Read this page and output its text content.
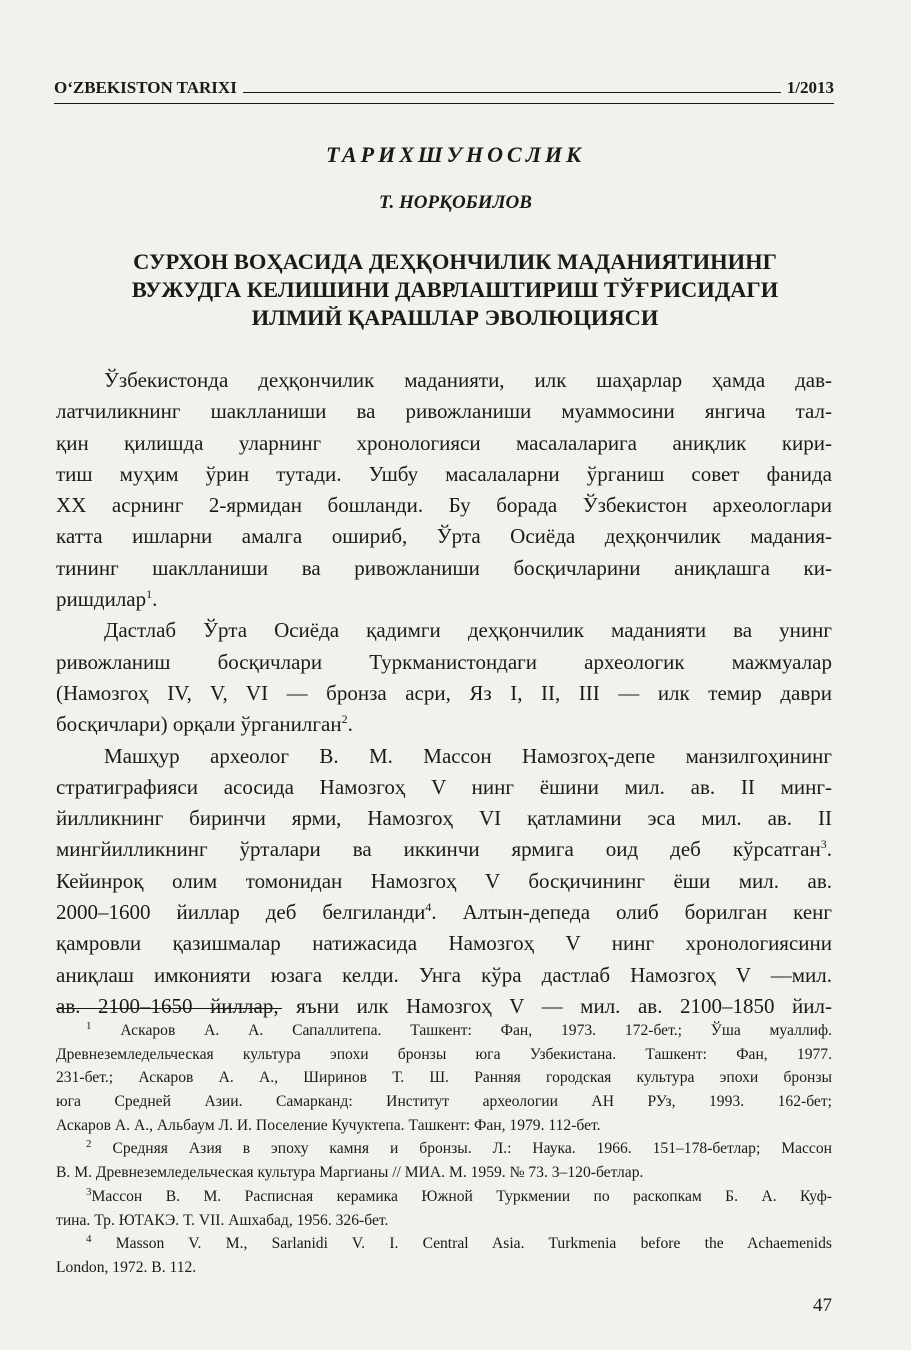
O‘ZBEKISTON TARIXI	1/2013
ТАРИХШУНОСЛИК
Т. НОРҚОБИЛОВ
СУРХОН ВОҲАСИДА ДЕҲҚОНЧИЛИК МАДАНИЯТИНИНГ
ВУЖУДГА КЕЛИШИНИ ДАВРЛАШТИРИШ ТЎҒРИСИДАГИ
ИЛМИЙ ҚАРАШЛАР ЭВОЛЮЦИЯСИ
Ўзбекистонда деҳқончилик маданияти, илк шаҳарлар ҳамда дав-
латчиликнинг шаклланиши ва ривожланиши муаммосини янгича тал-
қин қилишда уларнинг хронологияси масалаларига аниқлик кири-
тиш муҳим ўрин тутади. Ушбу масалаларни ўрганиш совет фанида
XX асрнинг 2-ярмидан бошланди. Бу борада Ўзбекистон археологлари
катта ишларни амалга ошириб, Ўрта Осиёда деҳқончилик мадания-
тининг шаклланиши ва ривожланиши босқичларини аниқлашга ки-
ришдилар$^1$.
Дастлаб Ўрта Осиёда қадимги деҳқончилик маданияти ва унинг
ривожланиш босқичлари Туркманистондаги археологик мажмуалар
(Намозгоҳ IV, V, VI — бронза асри, Яз I, II, III — илк темир даври
босқичлари) орқали ўрганилган$^2$.
Машҳур археолог В. М. Массон Намозгоҳ-депе манзилгоҳининг
стратиграфияси асосида Намозгоҳ V нинг ёшини мил. ав. II минг-
йилликнинг биринчи ярми, Намозгоҳ VI қатламини эса мил. ав. II
мингйилликнинг ўрталари ва иккинчи ярмига оид деб кўрсатган$^3$.
Кейинроқ олим томонидан Намозгоҳ V босқичининг ёши мил. ав.
2000–1600 йиллар деб белгиланди$^4$. Алтын-депеда олиб борилган кенг
қамровли қазишмалар натижасида Намозгоҳ V нинг хронологиясини
аниқлаш имконияти юзага келди. Унга кўра дастлаб Намозгоҳ V —мил.
ав. 2100–1650 йиллар, яъни илк Намозгоҳ V — мил. ав. 2100–1850 йил-
$^1$ Аскаров А. А. Сапаллитепа. Ташкент: Фан, 1973. 172-бет.; Ўша муаллиф.
Древнеземледельческая культура эпохи бронзы юга Узбекистана. Ташкент: Фан, 1977.
231-бет.; Аскаров А. А., Ширинов Т. Ш. Ранняя городская культура эпохи бронзы
юга Средней Азии. Самарканд: Институт археологии АН РУз, 1993. 162-бет;
Аскаров А. А., Альбаум Л. И. Поселение Кучуктепа. Ташкент: Фан, 1979. 112-бет.
$^2$ Средняя Азия в эпоху камня и бронзы. Л.: Наука. 1966. 151–178-бетлар; Массон
В. М. Древнеземледельческая культура Маргианы // МИА. М. 1959. № 73. 3–120-бетлар.
$^3$Массон В. М. Расписная керамика Южной Туркмении по раскопкам Б. А. Куф-
тина. Тр. ЮТАКЭ. Т. VII. Ашхабад, 1956. 326-бет.
$^4$ Masson V. M., Sarlanidi V. I. Central Asia. Turkmenia before the Achaemenids
London, 1972. B. 112.
47
